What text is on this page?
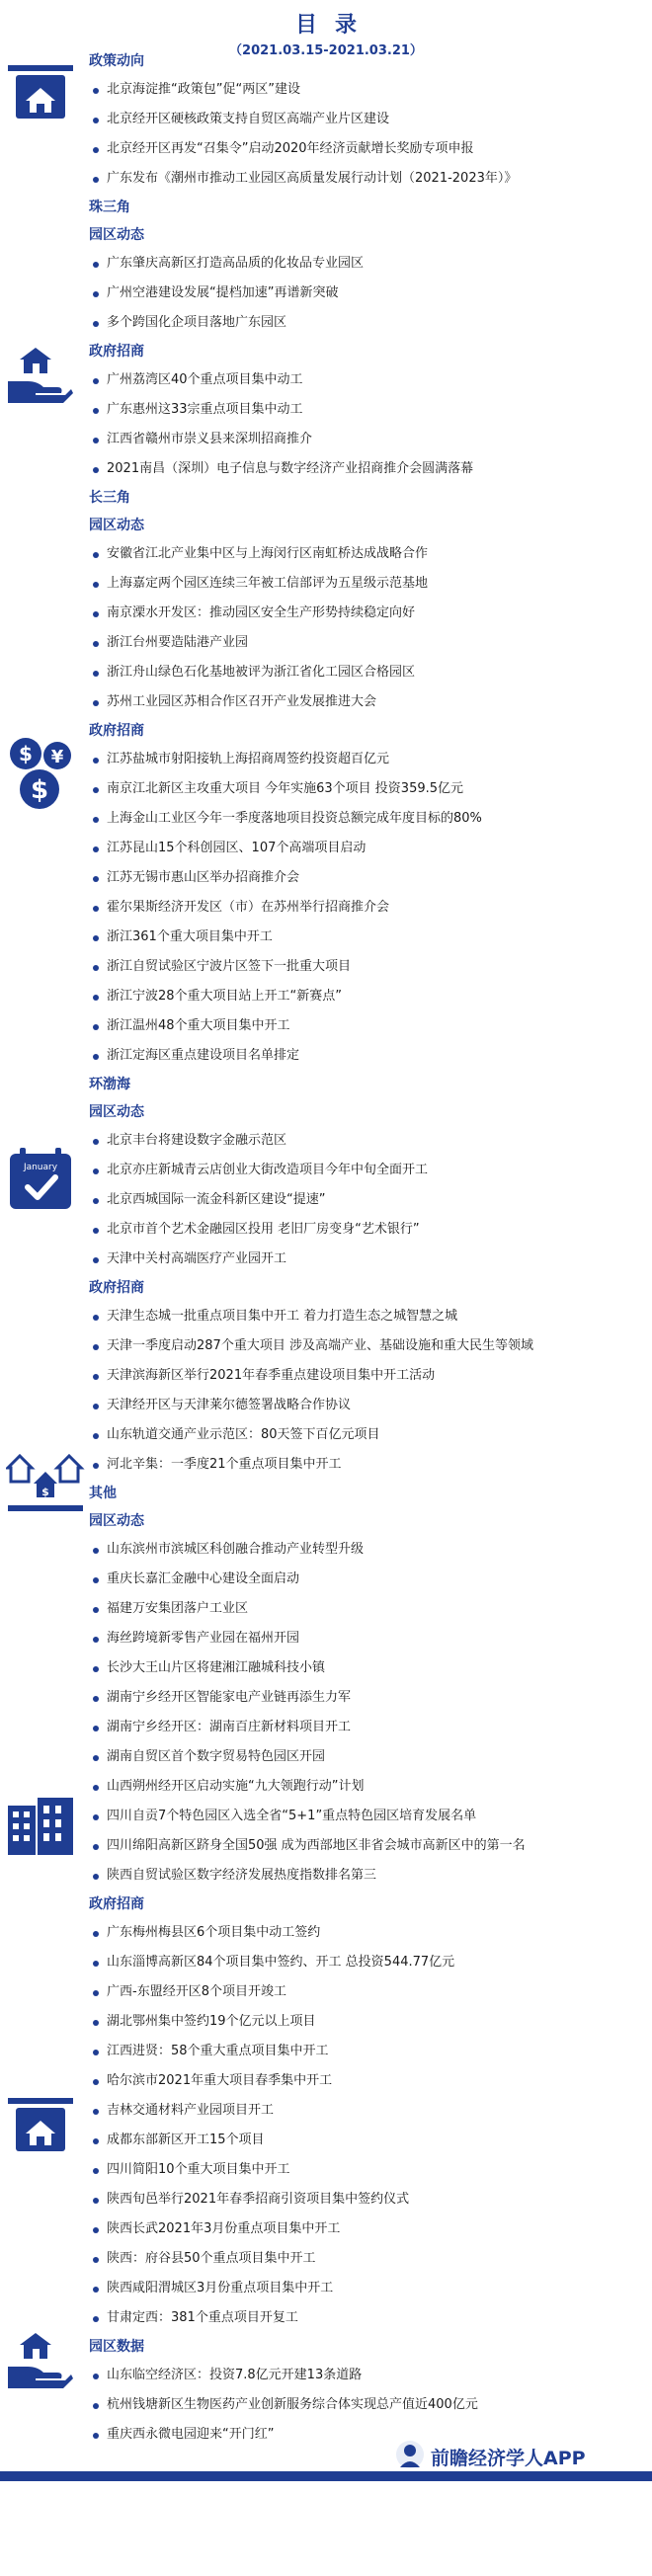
目录
（2021.03.15-2021.03.21）
政策动向
北京海淀推“政策包”促“两区”建设
北京经开区硬核政策支持自贸区高端产业片区建设
北京经开区再发“召集令”启动2020年经济贡献增长奖励专项申报
广东发布《潮州市推动工业园区高质量发展行动计划（2021-2023年）》
珠三角
园区动态
广东肇庆高新区打造高品质的化妆品专业园区
广州空港建设发展“提档加速”再谱新突破
多个跨国化企项目落地广东园区
政府招商
广州荔湾区40个重点项目集中动工
广东惠州这33宗重点项目集中动工
江西省赣州市崇义县来深圳招商推介
2021南昌（深圳）电子信息与数字经济产业招商推介会圆满落幕
长三角
园区动态
安徽省江北产业集中区与上海闵行区南虹桥达成战略合作
上海嘉定两个园区连续三年被工信部评为五星级示范基地
南京溧水开发区：推动园区安全生产形势持续稳定向好
浙江台州要造陆港产业园
浙江舟山绿色石化基地被评为浙江省化工园区合格园区
苏州工业园区苏相合作区召开产业发展推进大会
政府招商
江苏盐城市射阳接轨上海招商周签约投资超百亿元
南京江北新区主攻重大项目 今年实施63个项目 投资359.5亿元
上海金山工业区今年一季度落地项目投资总额完成年度目标的80%
江苏昆山15个科创园区、107个高端项目启动
江苏无锡市惠山区举办招商推介会
霍尔果斯经济开发区（市）在苏州举行招商推介会
浙江361个重大项目集中开工
浙江自贸试验区宁波片区签下一批重大项目
浙江宁波28个重大项目站上开工“新赛点”
浙江温州48个重大项目集中开工
浙江定海区重点建设项目名单排定
环渤海
园区动态
北京丰台将建设数字金融示范区
北京亦庄新城青云店创业大街改造项目今年中旬全面开工
北京西城国际一流金科新区建设“提速”
北京市首个艺术金融园区投用 老旧厂房变身“艺术银行”
天津中关村高端医疗产业园开工
政府招商
天津生态城一批重点项目集中开工 着力打造生态之城智慧之城
天津一季度启动287个重大项目 涉及高端产业、基础设施和重大民生等领域
天津滨海新区举行2021年春季重点建设项目集中开工活动
天津经开区与天津莱尔德签署战略合作协议
山东轨道交通产业示范区：80天签下百亿元项目
河北辛集：一季度21个重点项目集中开工
其他
园区动态
山东滨州市滨城区科创融合推动产业转型升级
重庆长嘉汇金融中心建设全面启动
福建万安集团落户工业区
海丝跨境新零售产业园在福州开园
长沙大王山片区将建湘江融城科技小镇
湖南宁乡经开区智能家电产业链再添生力军
湖南宁乡经开区：湖南百庄新材料项目开工
湖南自贸区首个数字贸易特色园区开园
山西朔州经开区启动实施“九大领跑行动”计划
四川自贡7个特色园区入选全省“5+1”重点特色园区培育发展名单
四川绵阳高新区跻身全国50强 成为西部地区非省会城市高新区中的第一名
陕西自贸试验区数字经济发展热度指数排名第三
政府招商
广东梅州梅县区6个项目集中动工签约
山东淄博高新区84个项目集中签约、开工 总投资544.77亿元
广西-东盟经开区8个项目开竣工
湖北鄂州集中签约19个亿元以上项目
江西进贤：58个重大重点项目集中开工
哈尔滨市2021年重大项目春季集中开工
吉林交通材料产业园项目开工
成都东部新区开工15个项目
四川简阳10个重大项目集中开工
陕西旬邑举行2021年春季招商引资项目集中签约仪式
陕西长武2021年3月份重点项目集中开工
陕西：府谷县50个重点项目集中开工
陕西咸阳渭城区3月份重点项目集中开工
甘肃定西：381个重点项目开复工
园区数据
山东临空经济区：投资7.8亿元开建13条道路
杭州钱塘新区生物医药产业创新服务综合体实现总产值近400亿元
重庆西永微电园迎来“开门红”
$ ¥
$
January
$
前瞻经济学人APP
